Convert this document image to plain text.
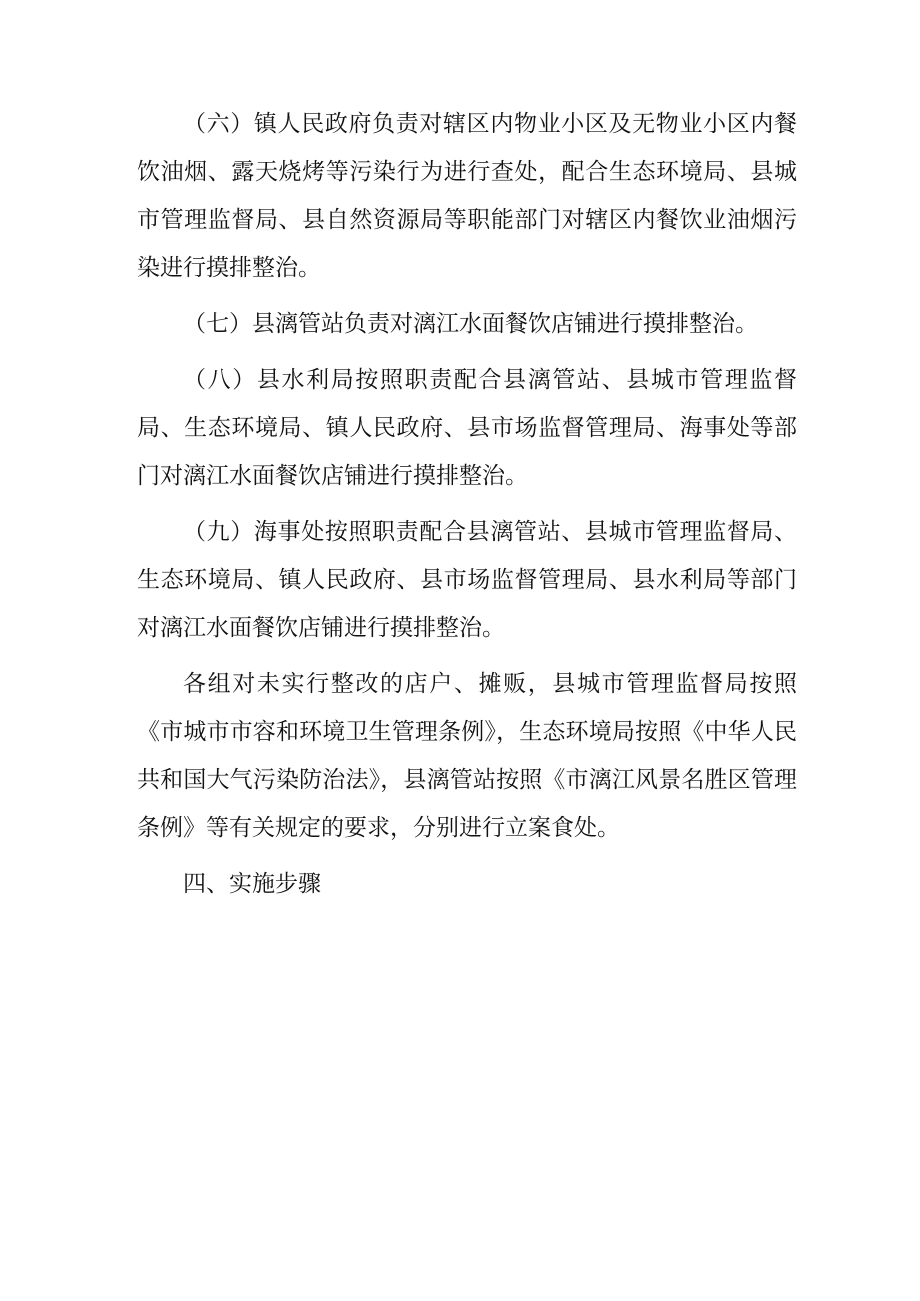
（六）镇人民政府负责对辖区内物业小区及无物业小区内餐饮油烟、露天烧烤等污染行为进行查处，配合生态环境局、县城市管理监督局、县自然资源局等职能部门对辖区内餐饮业油烟污染进行摸排整治。

（七）县漓管站负责对漓江水面餐饮店铺进行摸排整治。

（八）县水利局按照职责配合县漓管站、县城市管理监督局、生态环境局、镇人民政府、县市场监督管理局、海事处等部门对漓江水面餐饮店铺进行摸排整治。

（九）海事处按照职责配合县漓管站、县城市管理监督局、生态环境局、镇人民政府、县市场监督管理局、县水利局等部门对漓江水面餐饮店铺进行摸排整治。

各组对未实行整改的店户、摊贩，县城市管理监督局按照《市城市市容和环境卫生管理条例》，生态环境局按照《中华人民共和国大气污染防治法》，县漓管站按照《市漓江风景名胜区管理条例》等有关规定的要求，分别进行立案食处。

四、实施步骤
